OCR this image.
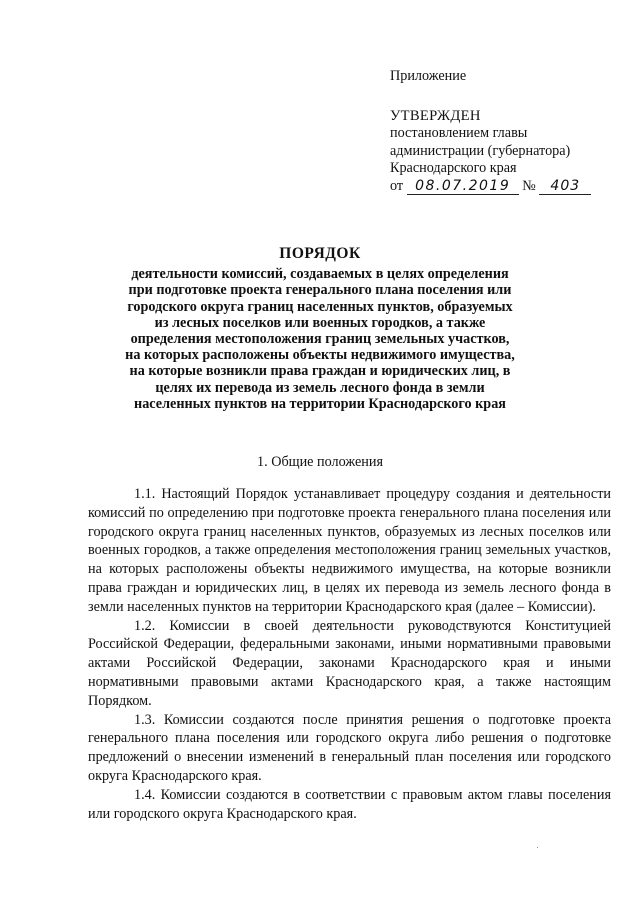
Приложение
УТВЕРЖДЕН
постановлением главы
администрации (губернатора)
Краснодарского края
от 08.07.2019 № 403
ПОРЯДОК
деятельности комиссий, создаваемых в целях определения
при подготовке проекта генерального плана поселения или
городского округа границ населенных пунктов, образуемых
из лесных поселков или военных городков, а также
определения местоположения границ земельных участков,
на которых расположены объекты недвижимого имущества,
на которые возникли права граждан и юридических лиц, в
целях их перевода из земель лесного фонда в земли
населенных пунктов на территории Краснодарского края
1. Общие положения

1.1. Настоящий Порядок устанавливает процедуру создания и деятельности комиссий по определению при подготовке проекта генерального плана поселения или городского округа границ населенных пунктов, образуемых из лесных поселков или военных городков, а также определения местоположения границ земельных участков, на которых расположены объекты недвижимого имущества, на которые возникли права граждан и юридических лиц, в целях их перевода из земель лесного фонда в земли населенных пунктов на территории Краснодарского края (далее – Комиссии).

1.2. Комиссии в своей деятельности руководствуются Конституцией Российской Федерации, федеральными законами, иными нормативными правовыми актами Российской Федерации, законами Краснодарского края и иными нормативными правовыми актами Краснодарского края, а также настоящим Порядком.

1.3. Комиссии создаются после принятия решения о подготовке проекта генерального плана поселения или городского округа либо решения о подготовке предложений о внесении изменений в генеральный план поселения или городского округа Краснодарского края.

1.4. Комиссии создаются в соответствии с правовым актом главы поселения или городского округа Краснодарского края.
